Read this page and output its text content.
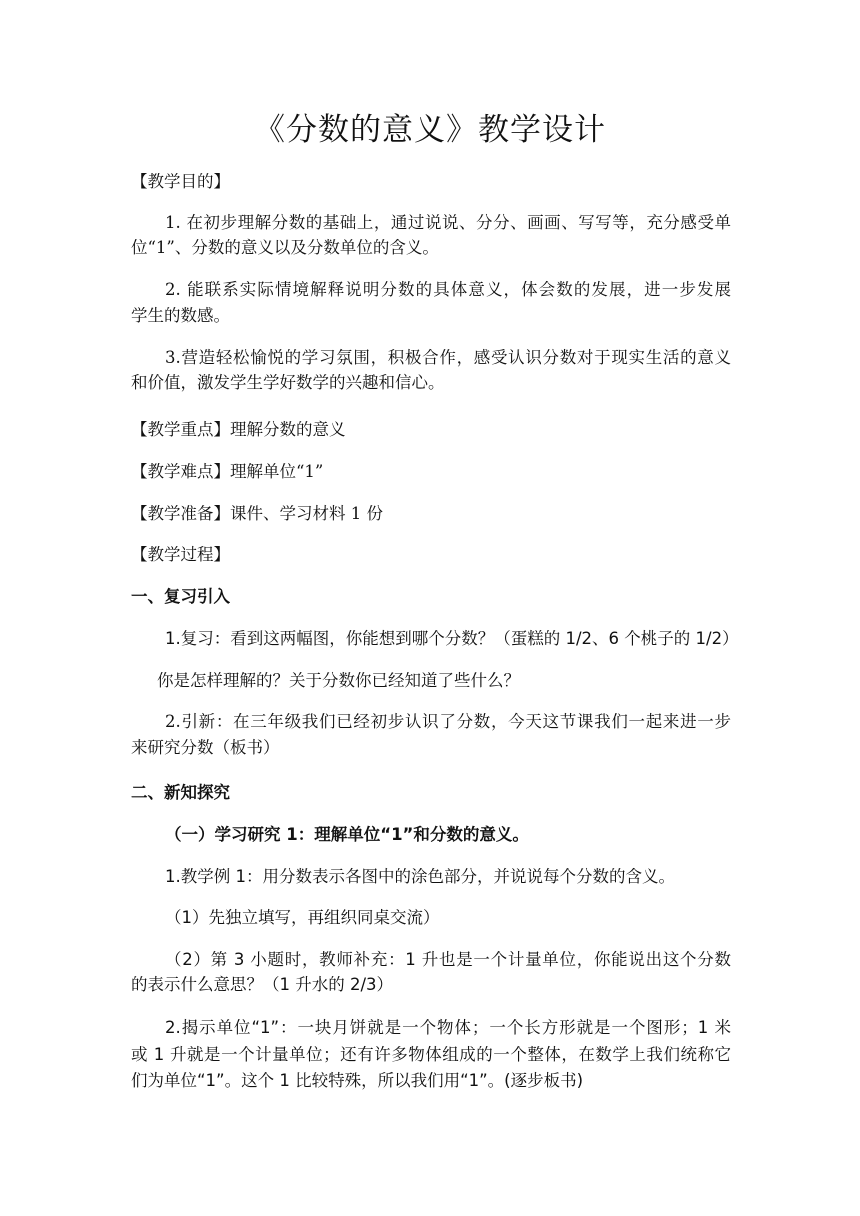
《分数的意义》教学设计
【教学目的】
1. 在初步理解分数的基础上，通过说说、分分、画画、写写等，充分感受单
位“1”、分数的意义以及分数单位的含义。
2. 能联系实际情境解释说明分数的具体意义，体会数的发展，进一步发展
学生的数感。
3.营造轻松愉悦的学习氛围，积极合作，感受认识分数对于现实生活的意义
和价值，激发学生学好数学的兴趣和信心。
【教学重点】理解分数的意义
【教学难点】理解单位“1”
【教学准备】课件、学习材料 1 份
【教学过程】
一、复习引入
1.复习：看到这两幅图，你能想到哪个分数？（蛋糕的 1/2、6 个桃子的 1/2）
你是怎样理解的？关于分数你已经知道了些什么？
2.引新：在三年级我们已经初步认识了分数，今天这节课我们一起来进一步
来研究分数（板书）
二、新知探究
（一）学习研究 1：理解单位“1”和分数的意义。
1.教学例 1：用分数表示各图中的涂色部分，并说说每个分数的含义。
（1）先独立填写，再组织同桌交流）
（2）第 3 小题时，教师补充：1 升也是一个计量单位，你能说出这个分数
的表示什么意思？（1 升水的 2/3）
2.揭示单位“1”：一块月饼就是一个物体；一个长方形就是一个图形；1 米
或 1 升就是一个计量单位；还有许多物体组成的一个整体，在数学上我们统称它
们为单位“1”。这个 1 比较特殊，所以我们用“1”。(逐步板书)
